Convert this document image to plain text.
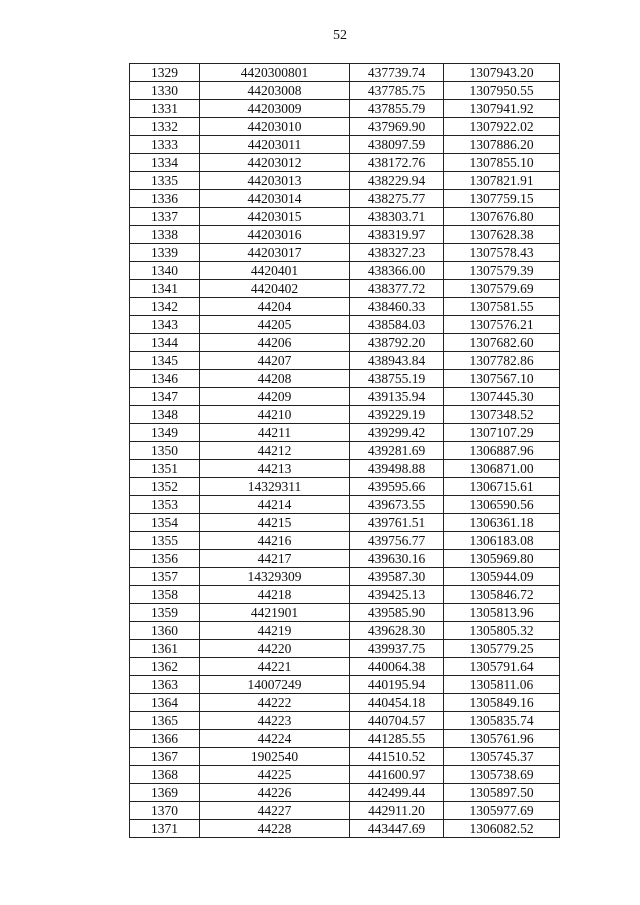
52
1329	4420300801	437739.74	1307943.20
1330	44203008	437785.75	1307950.55
1331	44203009	437855.79	1307941.92
1332	44203010	437969.90	1307922.02
1333	44203011	438097.59	1307886.20
1334	44203012	438172.76	1307855.10
1335	44203013	438229.94	1307821.91
1336	44203014	438275.77	1307759.15
1337	44203015	438303.71	1307676.80
1338	44203016	438319.97	1307628.38
1339	44203017	438327.23	1307578.43
1340	4420401	438366.00	1307579.39
1341	4420402	438377.72	1307579.69
1342	44204	438460.33	1307581.55
1343	44205	438584.03	1307576.21
1344	44206	438792.20	1307682.60
1345	44207	438943.84	1307782.86
1346	44208	438755.19	1307567.10
1347	44209	439135.94	1307445.30
1348	44210	439229.19	1307348.52
1349	44211	439299.42	1307107.29
1350	44212	439281.69	1306887.96
1351	44213	439498.88	1306871.00
1352	14329311	439595.66	1306715.61
1353	44214	439673.55	1306590.56
1354	44215	439761.51	1306361.18
1355	44216	439756.77	1306183.08
1356	44217	439630.16	1305969.80
1357	14329309	439587.30	1305944.09
1358	44218	439425.13	1305846.72
1359	4421901	439585.90	1305813.96
1360	44219	439628.30	1305805.32
1361	44220	439937.75	1305779.25
1362	44221	440064.38	1305791.64
1363	14007249	440195.94	1305811.06
1364	44222	440454.18	1305849.16
1365	44223	440704.57	1305835.74
1366	44224	441285.55	1305761.96
1367	1902540	441510.52	1305745.37
1368	44225	441600.97	1305738.69
1369	44226	442499.44	1305897.50
1370	44227	442911.20	1305977.69
1371	44228	443447.69	1306082.52
